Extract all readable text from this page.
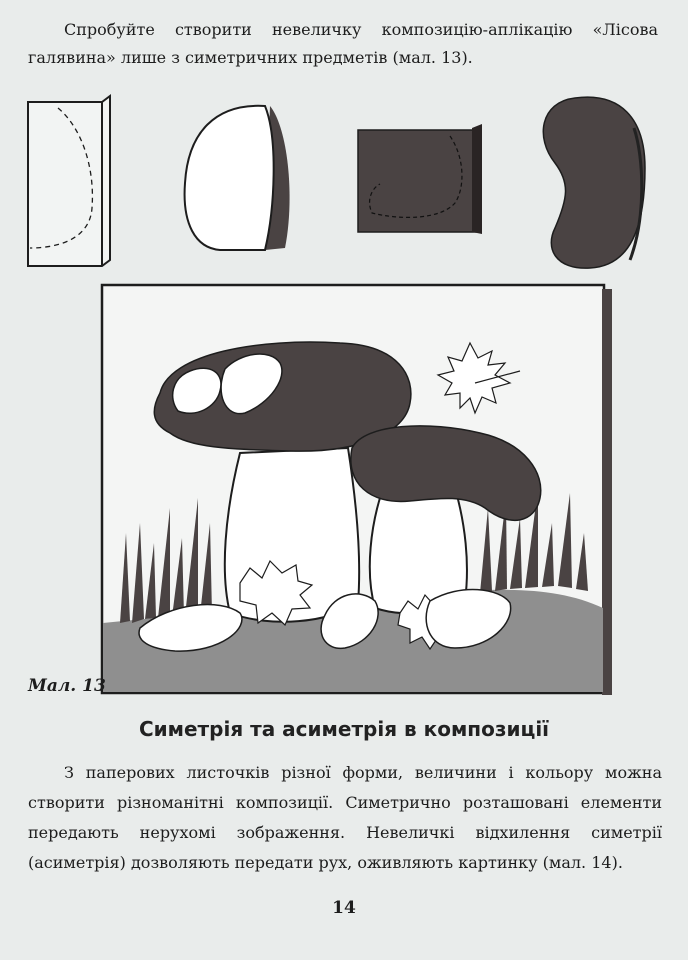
Спробуйте створити невеличку композицію-аплікацію «Лісова галявина» лише з симетричних предметів (мал. 13).

Мал. 13

Симетрія та асиметрія в композиції

З паперових листочків різної форми, величини і кольору можна створити різноманітні композиції. Симетрично розташовані елементи передають нерухомі зображення. Невеличкі відхилення симетрії (асиметрія) дозволяють передати рух, оживляють картинку (мал. 14).

14
